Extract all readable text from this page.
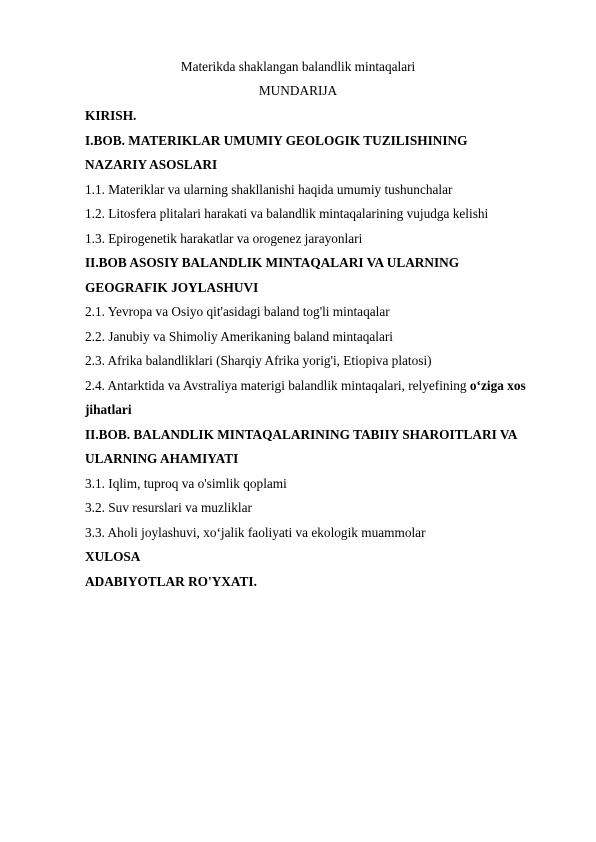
Materikda shaklangan balandlik mintaqalari
MUNDARIJA
KIRISH.
I.BOB. MATERIKLAR UMUMIY GEOLOGIK TUZILISHINING
NAZARIY ASOSLARI
1.1. Materiklar va ularning shakllanishi haqida umumiy tushunchalar
1.2. Litosfera plitalari harakati va balandlik mintaqalarining vujudga kelishi
1.3. Epirogenetik harakatlar va orogenez jarayonlari
II.BOB ASOSIY BALANDLIK MINTAQALARI VA ULARNING
GEOGRAFIK JOYLASHUVI
2.1. Yevropa va Osiyo qit'asidagi baland tog'li mintaqalar
2.2. Janubiy va Shimoliy Amerikaning baland mintaqalari
2.3. Afrika balandliklari (Sharqiy Afrika yorig'i, Etiopiva platosi)
2.4. Antarktida va Avstraliya materigi balandlik mintaqalari, relyefining o‘ziga xos
jihatlari
II.BOB. BALANDLIK MINTAQALARINING TABIIY SHAROITLARI VA
ULARNING AHAMIYATI
3.1. Iqlim, tuproq va o'simlik qoplami
3.2. Suv resurslari va muzliklar
3.3. Aholi joylashuvi, xo‘jalik faoliyati va ekologik muammolar
XULOSA
ADABIYOTLAR RO'YXATI.
